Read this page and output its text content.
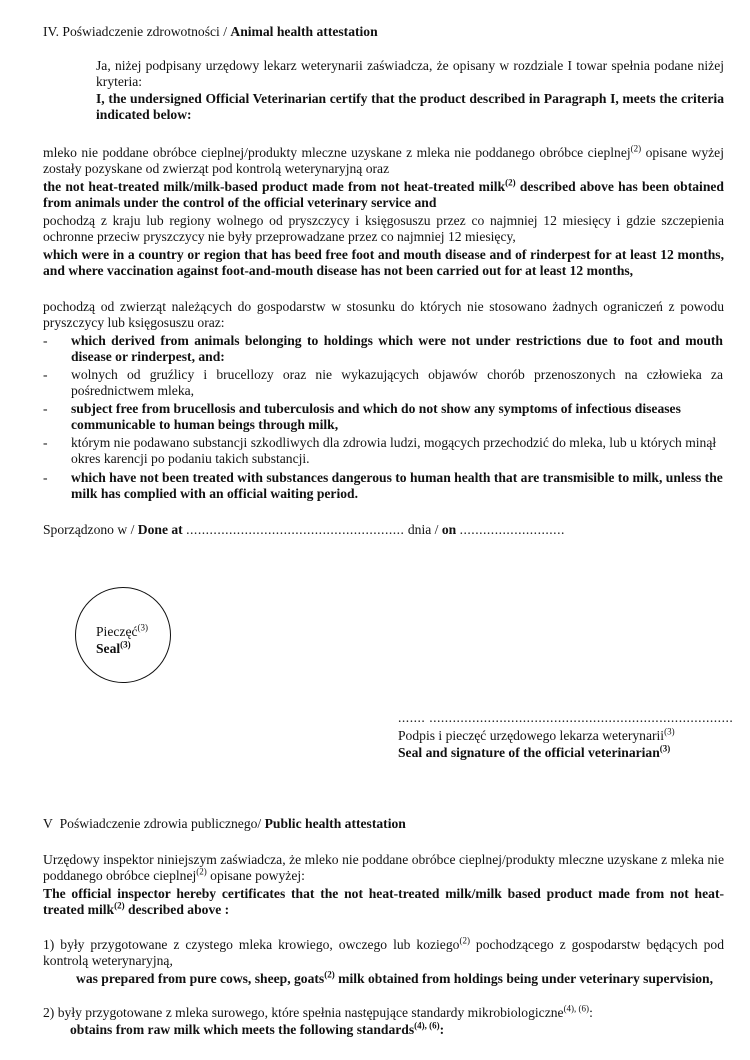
IV. Poświadczenie zdrowotności / Animal health attestation
Ja, niżej podpisany urzędowy lekarz weterynarii zaświadcza, że opisany w rozdziale I towar spełnia podane niżej kryteria:
I, the undersigned Official Veterinarian certify that the product described in Paragraph I, meets the criteria indicated below:
mleko nie poddane obróbce cieplnej/produkty mleczne uzyskane z mleka nie poddanego obróbce cieplnej$^{(2)}$ opisane wyżej zostały pozyskane od zwierząt pod kontrolą weterynaryjną oraz
the not heat-treated milk/milk-based product made from not heat-treated milk$^{(2)}$ described above has been obtained from animals under the control of the official veterinary service and
pochodzą z kraju lub regiony wolnego od pryszczycy i księgosuszu przez co najmniej 12 miesięcy i gdzie szczepienia ochronne przeciw pryszczycy nie były przeprowadzane przez co najmniej 12 miesięcy,
which were in a country or region that has beed free foot and mouth disease and of rinderpest for at least 12 months, and where vaccination against foot-and-mouth disease has not been carried out for at least 12 months,
pochodzą od zwierząt należących do gospodarstw w stosunku do których nie stosowano żadnych ograniczeń z powodu pryszczycy lub księgosuszu oraz:
- which derived from animals belonging to holdings which were not under restrictions due to foot and mouth disease or rinderpest, and:
- wolnych od gruźlicy i brucellozy oraz nie wykazujących objawów chorób przenoszonych na człowieka za pośrednictwem mleka,
- subject free from brucellosis and tuberculosis and which do not show any symptoms of infectious diseases communicable to human beings through milk,
- którym nie podawano substancji szkodliwych dla zdrowia ludzi, mogących przechodzić do mleka, lub u których minął okres karencji po podaniu takich substancji.
- which have not been treated with substances dangerous to human health that are transmisible to milk, unless the milk has complied with an official waiting period.
Sporządzono w / Done at ........................................................ dnia / on ...........................
Pieczęć$^{(3)}$
Seal$^{(3)}$
....... ..............................................................................
Podpis i pieczęć urzędowego lekarza weterynarii$^{(3)}$
Seal and signature of the official veterinarian$^{(3)}$
V Poświadczenie zdrowia publicznego/ Public health attestation
Urzędowy inspektor niniejszym zaświadcza, że mleko nie poddane obróbce cieplnej/produkty mleczne uzyskane z mleka nie poddanego obróbce cieplnej$^{(2)}$ opisane powyżej:
The official inspector hereby certificates that the not heat-treated milk/milk based product made from not heat-treated milk$^{(2)}$ described above :
1) były przygotowane z czystego mleka krowiego, owczego lub koziego$^{(2)}$ pochodzącego z gospodarstw będących pod kontrolą weterynaryjną,
was prepared from pure cows, sheep, goats$^{(2)}$ milk obtained from holdings being under veterinary supervision,
2) były przygotowane z mleka surowego, które spełnia następujące standardy mikrobiologiczne$^{(4), (6)}$:
obtains from raw milk which meets the following standards$^{(4), (6)}$:
